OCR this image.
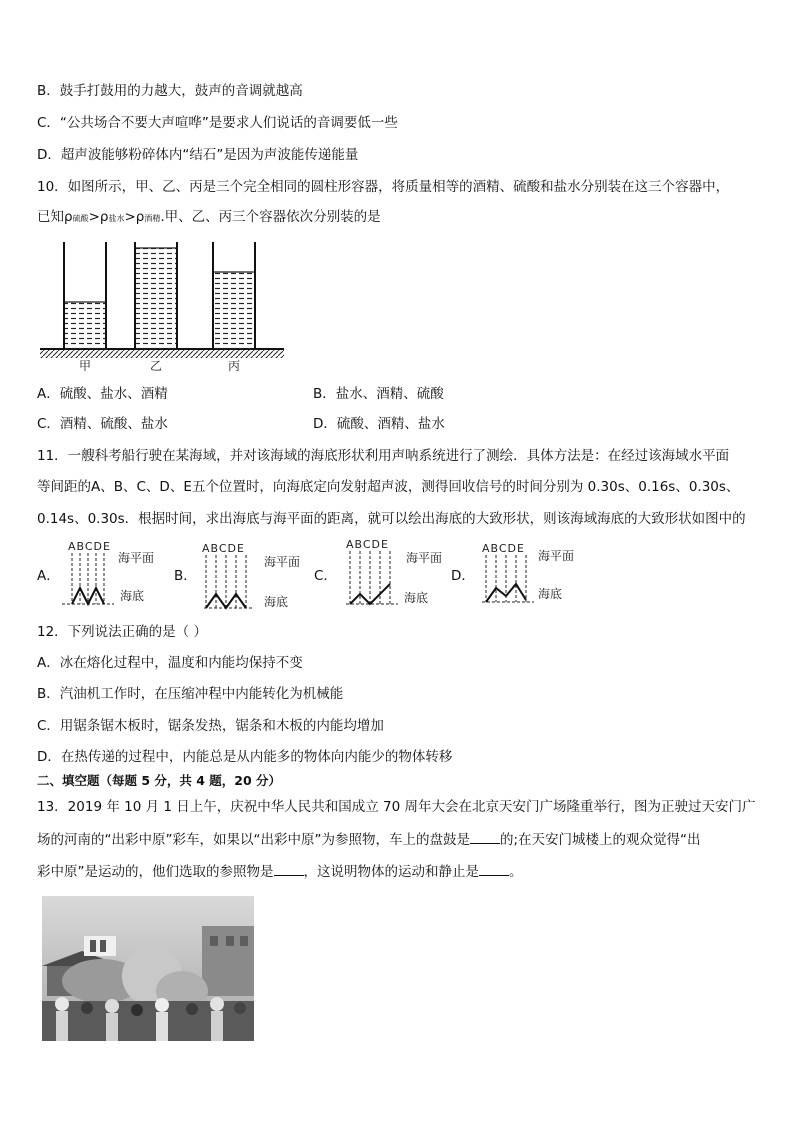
B．鼓手打鼓用的力越大，鼓声的音调就越高
C．“公共场合不要大声喧哗”是要求人们说话的音调要低一些
D．超声波能够粉碎体内“结石”是因为声波能传递能量
10．如图所示，甲、乙、丙是三个完全相同的圆柱形容器，将质量相等的酒精、硫酸和盐水分别装在这三个容器中，
已知ρ硫酸>ρ盐水>ρ酒精.甲、乙、丙三个容器依次分别装的是
甲	乙	丙
A．硫酸、盐水、酒精	B．盐水、酒精、硫酸
C．酒精、硫酸、盐水	D．硫酸、酒精、盐水
11．一艘科考船行驶在某海域，并对该海域的海底形状利用声呐系统进行了测绘．具体方法是：在经过该海域水平面
等间距的A、B、C、D、E五个位置时，向海底定向发射超声波，测得回收信号的时间分别为 0.30s、0.16s、0.30s、
0.14s、0.30s．根据时间，求出海底与海平面的距离，就可以绘出海底的大致形状，则该海域海底的大致形状如图中的
A．
ABCDE
海平面
海底
B．
ABCDE
海平面
海底
C．
ABCDE
海平面
海底
D．
ABCDE
海平面
海底
12．下列说法正确的是（ ）
A．冰在熔化过程中，温度和内能均保持不变
B．汽油机工作时，在压缩冲程中内能转化为机械能
C．用锯条锯木板时，锯条发热，锯条和木板的内能均增加
D．在热传递的过程中，内能总是从内能多的物体向内能少的物体转移
二、填空题（每题 5 分，共 4 题，20 分）
13．2019 年 10 月 1 日上午，庆祝中华人民共和国成立 70 周年大会在北京天安门广场隆重举行，图为正驶过天安门广
场的河南的“出彩中原”彩车，如果以“出彩中原”为参照物，车上的盘鼓是 的;在天安门城楼上的观众觉得“出
彩中原”是运动的，他们选取的参照物是 ，这说明物体的运动和静止是 。
